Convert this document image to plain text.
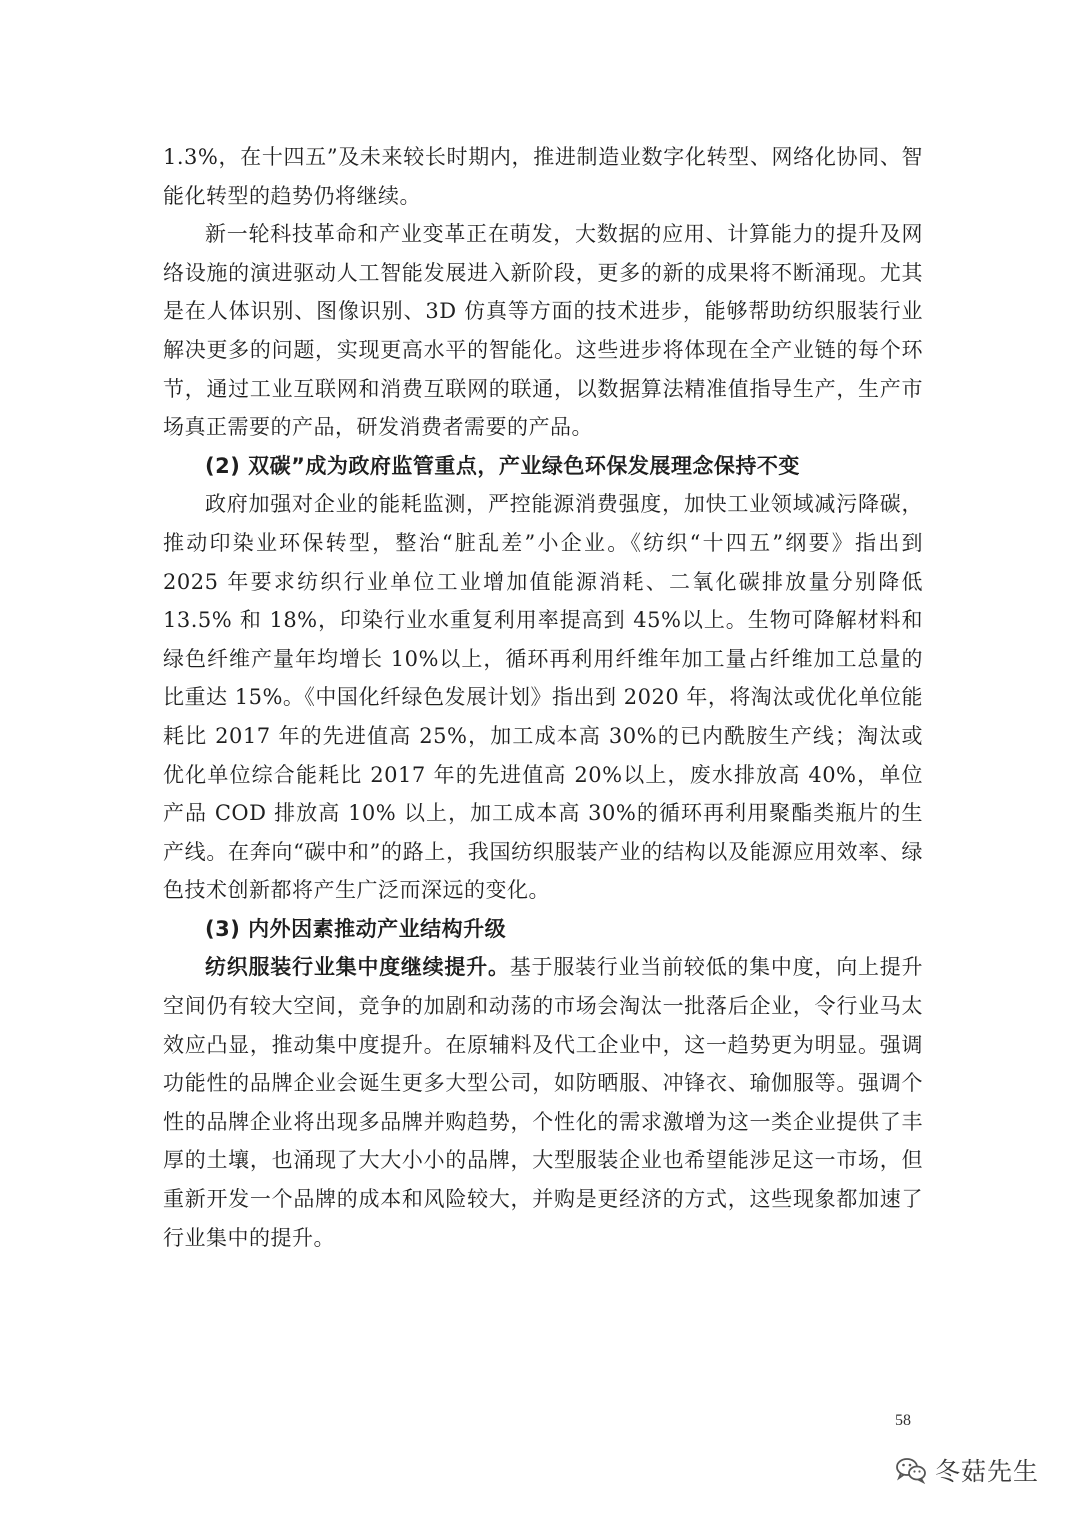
1.3%，在十四五”及未来较长时期内，推进制造业数字化转型、网络化协同、智能化转型的趋势仍将继续。

新一轮科技革命和产业变革正在萌发，大数据的应用、计算能力的提升及网络设施的演进驱动人工智能发展进入新阶段，更多的新的成果将不断涌现。尤其是在人体识别、图像识别、3D 仿真等方面的技术进步，能够帮助纺织服装行业解决更多的问题，实现更高水平的智能化。这些进步将体现在全产业链的每个环节，通过工业互联网和消费互联网的联通，以数据算法精准值指导生产，生产市场真正需要的产品，研发消费者需要的产品。

(2) 双碳”成为政府监管重点，产业绿色环保发展理念保持不变

政府加强对企业的能耗监测，严控能源消费强度，加快工业领域减污降碳，推动印染业环保转型，整治“脏乱差”小企业。《纺织“十四五”纲要》指出到 2025 年要求纺织行业单位工业增加值能源消耗、二氧化碳排放量分别降低 13.5% 和 18%，印染行业水重复利用率提高到 45%以上。生物可降解材料和绿色纤维产量年均增长 10%以上，循环再利用纤维年加工量占纤维加工总量的比重达 15%。《中国化纤绿色发展计划》指出到 2020 年，将淘汰或优化单位能耗比 2017 年的先进值高 25%，加工成本高 30%的已内酰胺生产线；淘汰或优化单位综合能耗比 2017 年的先进值高 20%以上，废水排放高 40%，单位产品 COD 排放高 10% 以上，加工成本高 30%的循环再利用聚酯类瓶片的生产线。在奔向“碳中和”的路上，我国纺织服装产业的结构以及能源应用效率、绿色技术创新都将产生广泛而深远的变化。

(3) 内外因素推动产业结构升级

纺织服装行业集中度继续提升。基于服装行业当前较低的集中度，向上提升空间仍有较大空间，竞争的加剧和动荡的市场会淘汰一批落后企业，令行业马太效应凸显，推动集中度提升。在原辅料及代工企业中，这一趋势更为明显。强调功能性的品牌企业会诞生更多大型公司，如防晒服、冲锋衣、瑜伽服等。强调个性的品牌企业将出现多品牌并购趋势，个性化的需求激增为这一类企业提供了丰厚的土壤，也涌现了大大小小的品牌，大型服装企业也希望能涉足这一市场，但重新开发一个品牌的成本和风险较大，并购是更经济的方式，这些现象都加速了行业集中的提升。

58
冬菇先生
